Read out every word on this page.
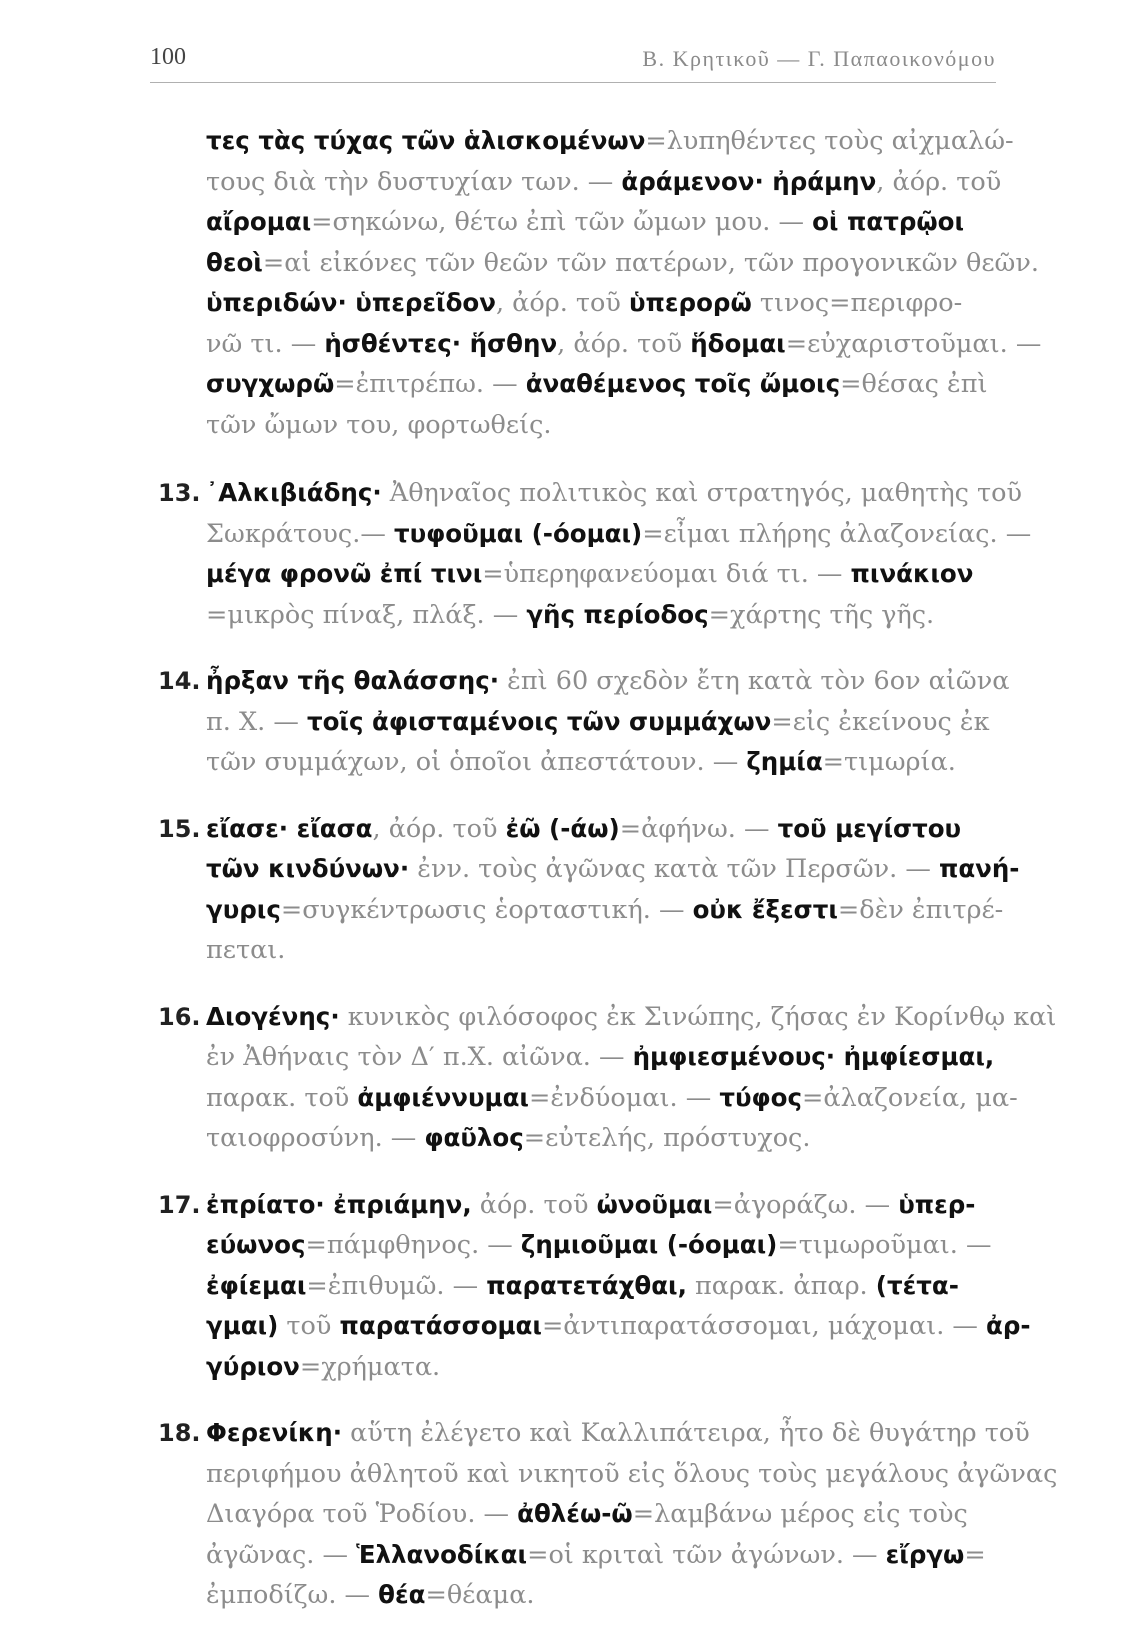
100	Β. Κρητικοῦ — Γ. Παπαοικονόμου
τες τὰς τύχας τῶν ἁλισκομένων=λυπηθέντες τοὺς αἰχμαλώ-
τους διὰ τὴν δυστυχίαν των. — ἀράμενον· ἠράμην, ἀόρ. τοῦ
αἴρομαι=σηκώνω, θέτω ἐπὶ τῶν ὤμων μου. — οἱ πατρῷοι
θεοὶ=αἱ εἰκόνες τῶν θεῶν τῶν πατέρων, τῶν προγονικῶν θεῶν.
ὑπεριδών· ὑπερεῖδον, ἀόρ. τοῦ ὑπερορῶ τινος=περιφρο-
νῶ τι. — ἡσθέντες· ἥσθην, ἀόρ. τοῦ ἥδομαι=εὐχαριστοῦμαι. —
συγχωρῶ=ἐπιτρέπω. — ἀναθέμενος τοῖς ὤμοις=θέσας ἐπὶ
τῶν ὤμων του, φορτωθείς.
13. ᾿Αλκιβιάδης· Ἀθηναῖος πολιτικὸς καὶ στρατηγός, μαθητὴς τοῦ
Σωκράτους.— τυφοῦμαι (-όομαι)=εἶμαι πλήρης ἀλαζονείας. —
μέγα φρονῶ ἐπί τινι=ὑπερηφανεύομαι διά τι. — πινάκιον
=μικρὸς πίναξ, πλάξ. — γῆς περίοδος=χάρτης τῆς γῆς.
14. ἦρξαν τῆς θαλάσσης· ἐπὶ 60 σχεδὸν ἔτη κατὰ τὸν 6ον αἰῶνα
π. Χ. — τοῖς ἀφισταμένοις τῶν συμμάχων=εἰς ἐκείνους ἐκ
τῶν συμμάχων, οἱ ὁποῖοι ἀπεστάτουν. — ζημία=τιμωρία.
15. εἴασε· εἴασα, ἀόρ. τοῦ ἐῶ (-άω)=ἀφήνω. — τοῦ μεγίστου
τῶν κινδύνων· ἐνν. τοὺς ἀγῶνας κατὰ τῶν Περσῶν. — πανή-
γυρις=συγκέντρωσις ἑορταστική. — οὐκ ἔξεστι=δὲν ἐπιτρέ-
πεται.
16. Διογένης· κυνικὸς φιλόσοφος ἐκ Σινώπης, ζήσας ἐν Κορίνθῳ καὶ
ἐν Ἀθήναις τὸν Δ′ π.Χ. αἰῶνα. — ἠμφιεσμένους· ἠμφίεσμαι,
παρακ. τοῦ ἀμφιέννυμαι=ἐνδύομαι. — τύφος=ἀλαζονεία, μα-
ταιοφροσύνη. — φαῦλος=εὐτελής, πρόστυχος.
17. ἐπρίατο· ἐπριάμην, ἀόρ. τοῦ ὠνοῦμαι=ἀγοράζω. — ὑπερ-
εύωνος=πάμφθηνος. — ζημιοῦμαι (-όομαι)=τιμωροῦμαι. —
ἐφίεμαι=ἐπιθυμῶ. — παρατετάχθαι, παρακ. ἀπαρ. (τέτα-
γμαι) τοῦ παρατάσσομαι=ἀντιπαρατάσσομαι, μάχομαι. — ἀρ-
γύριον=χρήματα.
18. Φερενίκη· αὕτη ἐλέγετο καὶ Καλλιπάτειρα, ἦτο δὲ θυγάτηρ τοῦ
περιφήμου ἀθλητοῦ καὶ νικητοῦ εἰς ὅλους τοὺς μεγάλους ἀγῶνας
Διαγόρα τοῦ Ῥοδίου. — ἀθλέω-ῶ=λαμβάνω μέρος εἰς τοὺς
ἀγῶνας. — Ἑλλανοδίκαι=οἱ κριταὶ τῶν ἀγώνων. — εἴργω=
ἐμποδίζω. — θέα=θέαμα.
